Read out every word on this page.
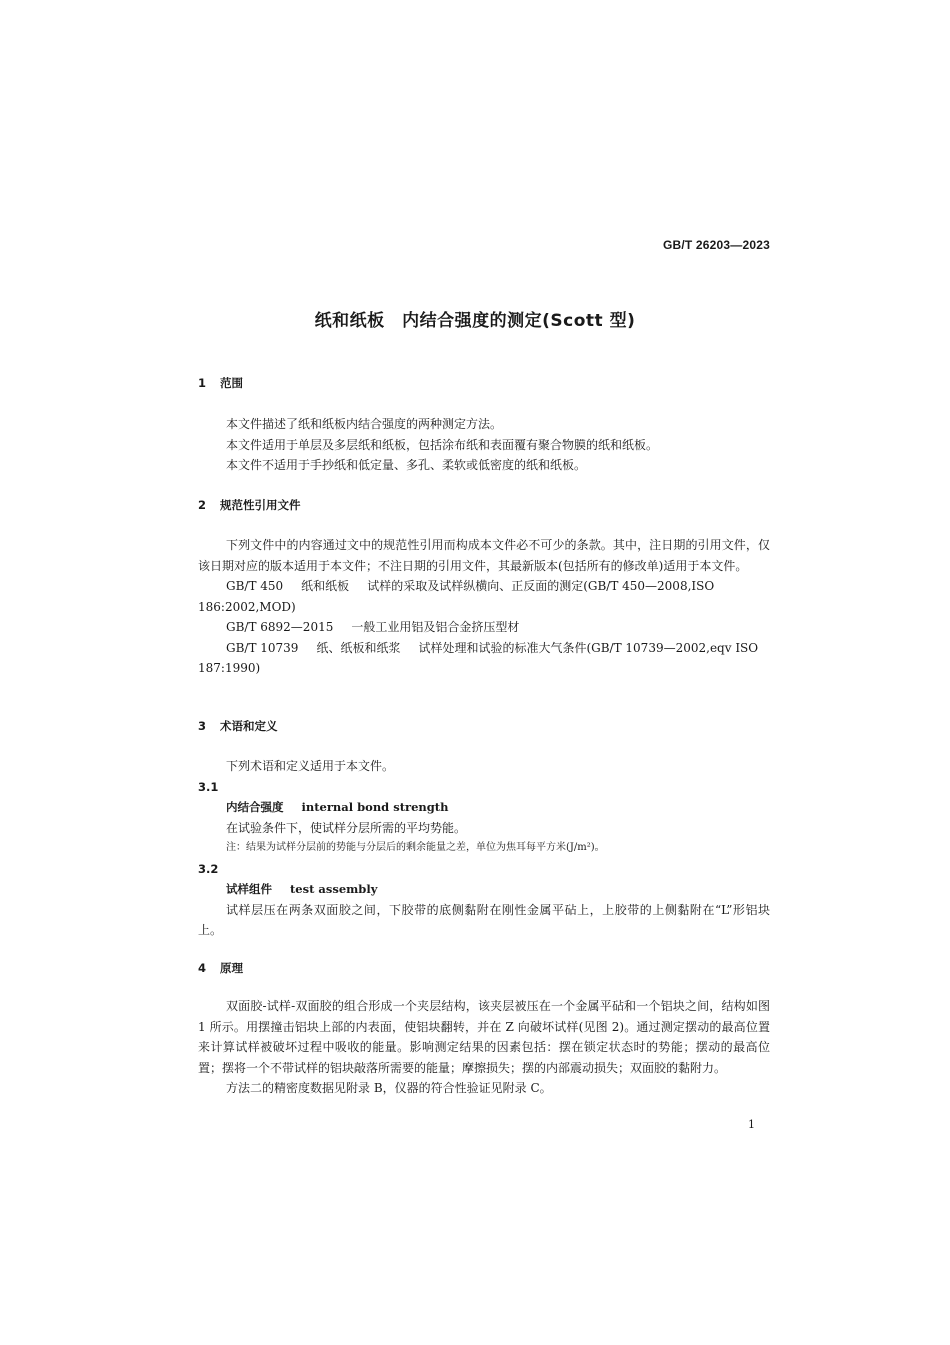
GB/T 26203—2023
纸和纸板　内结合强度的测定(Scott 型)
1 范围

本文件描述了纸和纸板内结合强度的两种测定方法。

本文件适用于单层及多层纸和纸板，包括涂布纸和表面覆有聚合物膜的纸和纸板。

本文件不适用于手抄纸和低定量、多孔、柔软或低密度的纸和纸板。

2 规范性引用文件

下列文件中的内容通过文中的规范性引用而构成本文件必不可少的条款。其中，注日期的引用文件，仅该日期对应的版本适用于本文件；不注日期的引用文件，其最新版本(包括所有的修改单)适用于本文件。

GB/T 450 纸和纸板 试样的采取及试样纵横向、正反面的测定(GB/T 450—2008,ISO 186:2002,MOD)

GB/T 6892—2015 一般工业用铝及铝合金挤压型材

GB/T 10739 纸、纸板和纸浆 试样处理和试验的标准大气条件(GB/T 10739—2002,eqv ISO 187:1990)

3 术语和定义

下列术语和定义适用于本文件。

3.1
内结合强度 internal bond strength

在试验条件下，使试样分层所需的平均势能。

注：结果为试样分层前的势能与分层后的剩余能量之差，单位为焦耳每平方米(J/m²)。
3.2
试样组件 test assembly

试样层压在两条双面胶之间，下胶带的底侧黏附在刚性金属平砧上，上胶带的上侧黏附在“L”形铝块上。

4 原理

双面胶-试样-双面胶的组合形成一个夹层结构，该夹层被压在一个金属平砧和一个铝块之间，结构如图 1 所示。用摆撞击铝块上部的内表面，使铝块翻转，并在 Z 向破坏试样(见图 2)。通过测定摆动的最高位置来计算试样被破坏过程中吸收的能量。影响测定结果的因素包括：摆在锁定状态时的势能；摆动的最高位置；摆将一个不带试样的铝块敲落所需要的能量；摩擦损失；摆的内部震动损失；双面胶的黏附力。

方法二的精密度数据见附录 B，仪器的符合性验证见附录 C。

1
